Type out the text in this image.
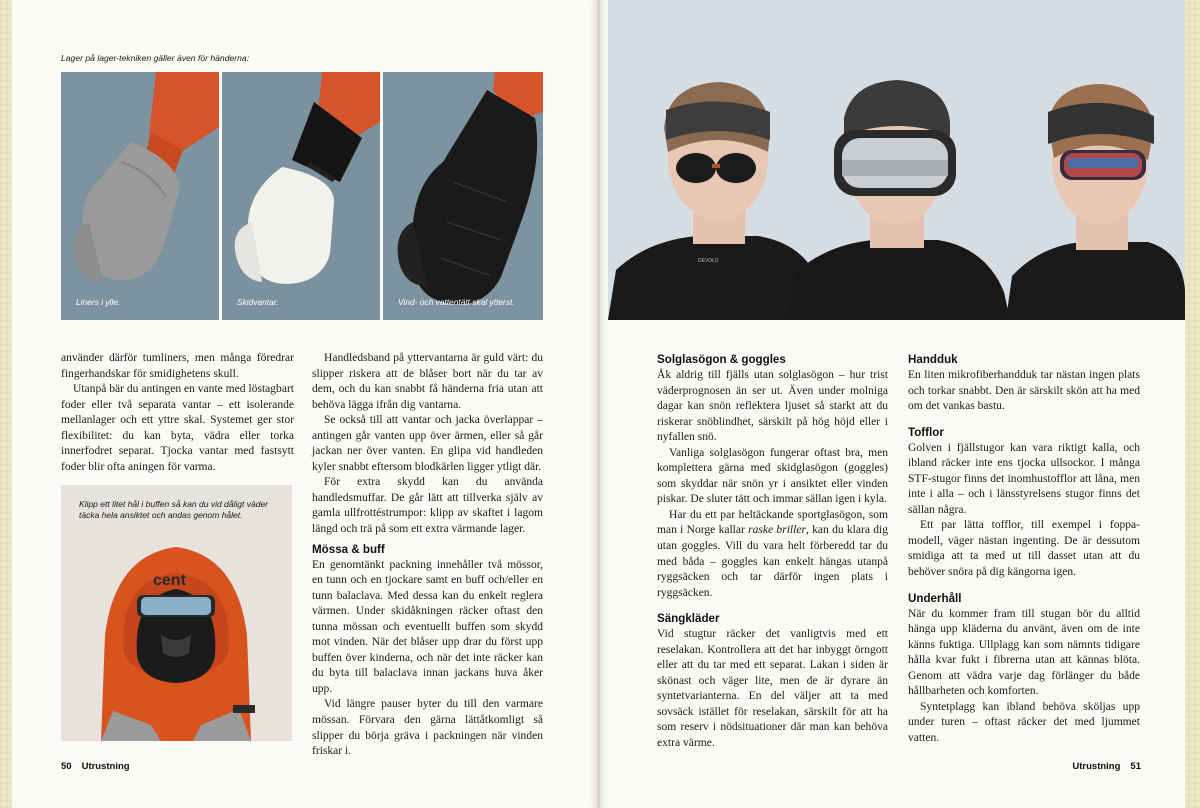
Lager på lager-tekniken gäller även för händerna:
Liners i ylle.	Skidvantar.	Vind- och vattentätt skal ytterst.

använder därför tumliners, men många föredrar fingerhandskar för smidighetens skull.

Utanpå bär du antingen en vante med löstagbart foder eller två separata vantar – ett isolerande mellanlager och ett yttre skal. Systemet ger stor flexibilitet: du kan byta, vädra eller torka innerfodret separat. Tjocka vantar med fastsytt foder blir ofta aningen för varma.

cent
Klipp ett litet hål i buffen så kan du vid dåligt väder täcka hela ansiktet och andas genom hålet.

Handledsband på yttervantarna är guld värt: du slipper riskera att de blåser bort när du tar av dem, och du kan snabbt få händerna fria utan att behöva lägga ifrån dig vantarna.

Se också till att vantar och jacka överlappar – antingen går vanten upp över ärmen, eller så går jackan ner över vanten. En glipa vid handleden kyler snabbt eftersom blodkärlen ligger ytligt där.

För extra skydd kan du använda handledsmuffar. De går lätt att tillverka själv av gamla ullfrottéstrumpor: klipp av skaftet i lagom längd och trä på som ett extra värmande lager.

Mössa & buff

En genomtänkt packning innehåller två mössor, en tunn och en tjockare samt en buff och/eller en tunn balaclava. Med dessa kan du enkelt reglera värmen. Under skidåkningen räcker oftast den tunna mössan och eventuellt buffen som skydd mot vinden. När det blåser upp drar du först upp buffen över kinderna, och när det inte räcker kan du byta till balaclava innan jackans huva åker upp.

Vid längre pauser byter du till den varmare mössan. Förvara den gärna lättåtkomligt så slipper du börja gräva i packningen när vinden friskar i.

50 Utrustning
DEVOLD
Solglasögon & goggles

Åk aldrig till fjälls utan solglasögon – hur trist väderprognosen än ser ut. Även under molniga dagar kan snön reflektera ljuset så starkt att du riskerar snöblindhet, särskilt på hög höjd eller i nyfallen snö.

Vanliga solglasögon fungerar oftast bra, men komplettera gärna med skidglasögon (goggles) som skyddar när snön yr i ansiktet eller vinden piskar. De sluter tätt och immar sällan igen i kyla.

Har du ett par heltäckande sportglasögon, som man i Norge kallar raske briller, kan du klara dig utan goggles. Vill du vara helt förberedd tar du med båda – goggles kan enkelt hängas utanpå ryggsäcken och tar därför ingen plats i ryggsäcken.

Sängkläder

Vid stugtur räcker det vanligtvis med ett reselakan. Kontrollera att det har inbyggt örngott eller att du tar med ett separat. Lakan i siden är skönast och väger lite, men de är dyrare än syntetvarianterna. En del väljer att ta med sovsäck istället för reselakan, särskilt för att ha som reserv i nödsituationer där man kan behöva extra värme.

Handduk

En liten mikrofiberhandduk tar nästan ingen plats och torkar snabbt. Den är särskilt skön att ha med om det vankas bastu.

Tofflor

Golven i fjällstugor kan vara riktigt kalla, och ibland räcker inte ens tjocka ullsockor. I många STF-stugor finns det inomhustofflor att låna, men inte i alla – och i länsstyrelsens stugor finns det sällan några.

Ett par lätta tofflor, till exempel i foppa-modell, väger nästan ingenting. De är dessutom smidiga att ta med ut till dasset utan att du behöver snöra på dig kängorna igen.

Underhåll

När du kommer fram till stugan bör du alltid hänga upp kläderna du använt, även om de inte känns fuktiga. Ullplagg kan som nämnts tidigare hålla kvar fukt i fibrerna utan att kännas blöta. Genom att vädra varje dag förlänger du både hållbarheten och komforten.

Syntetplagg kan ibland behöva sköljas upp under turen – oftast räcker det med ljummet vatten.

Utrustning 51
